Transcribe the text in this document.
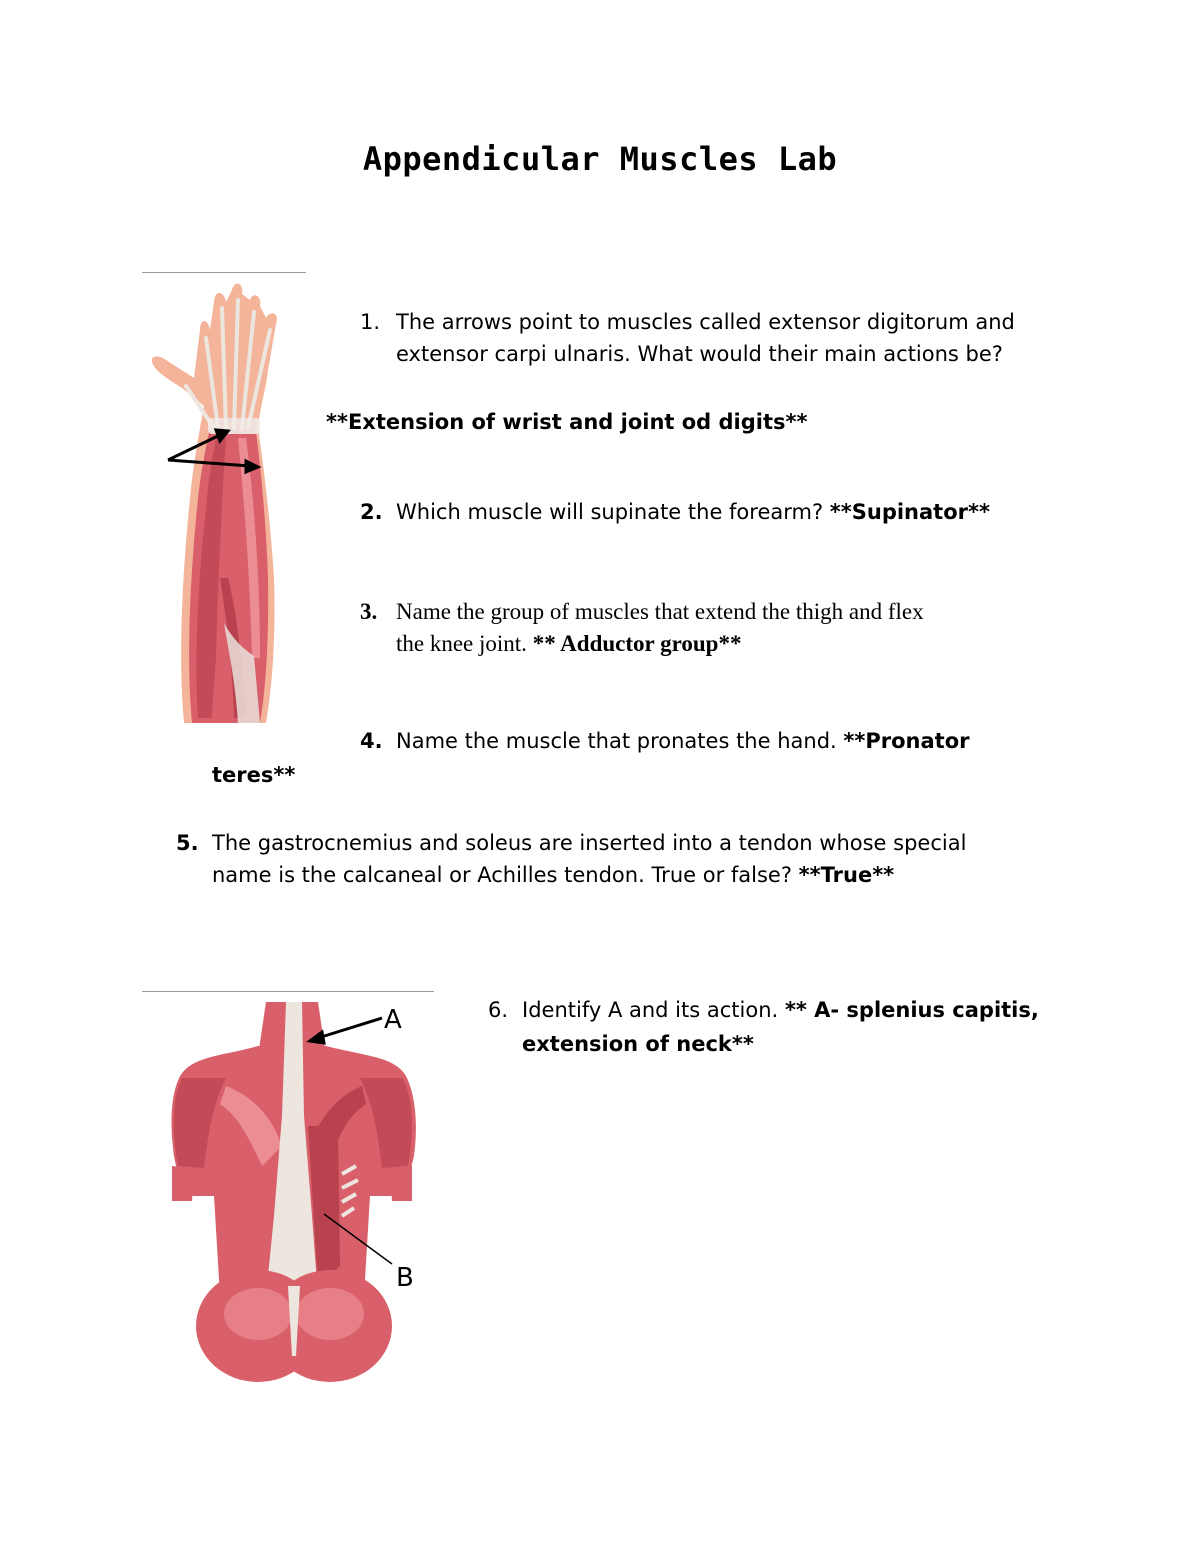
Appendicular Muscles Lab
1. The arrows point to muscles called extensor digitorum and
extensor carpi ulnaris. What would their main actions be?
**Extension of wrist and joint od digits**
2. Which muscle will supinate the forearm? **Supinator**
3. Name the group of muscles that extend the thigh and flex
the knee joint. ** Adductor group**
4. Name the muscle that pronates the hand. **Pronator
teres**
5. The gastrocnemius and soleus are inserted into a tendon whose special
name is the calcaneal or Achilles tendon. True or false? **True**
A
B
6. Identify A and its action. ** A- splenius capitis,
extension of neck**
